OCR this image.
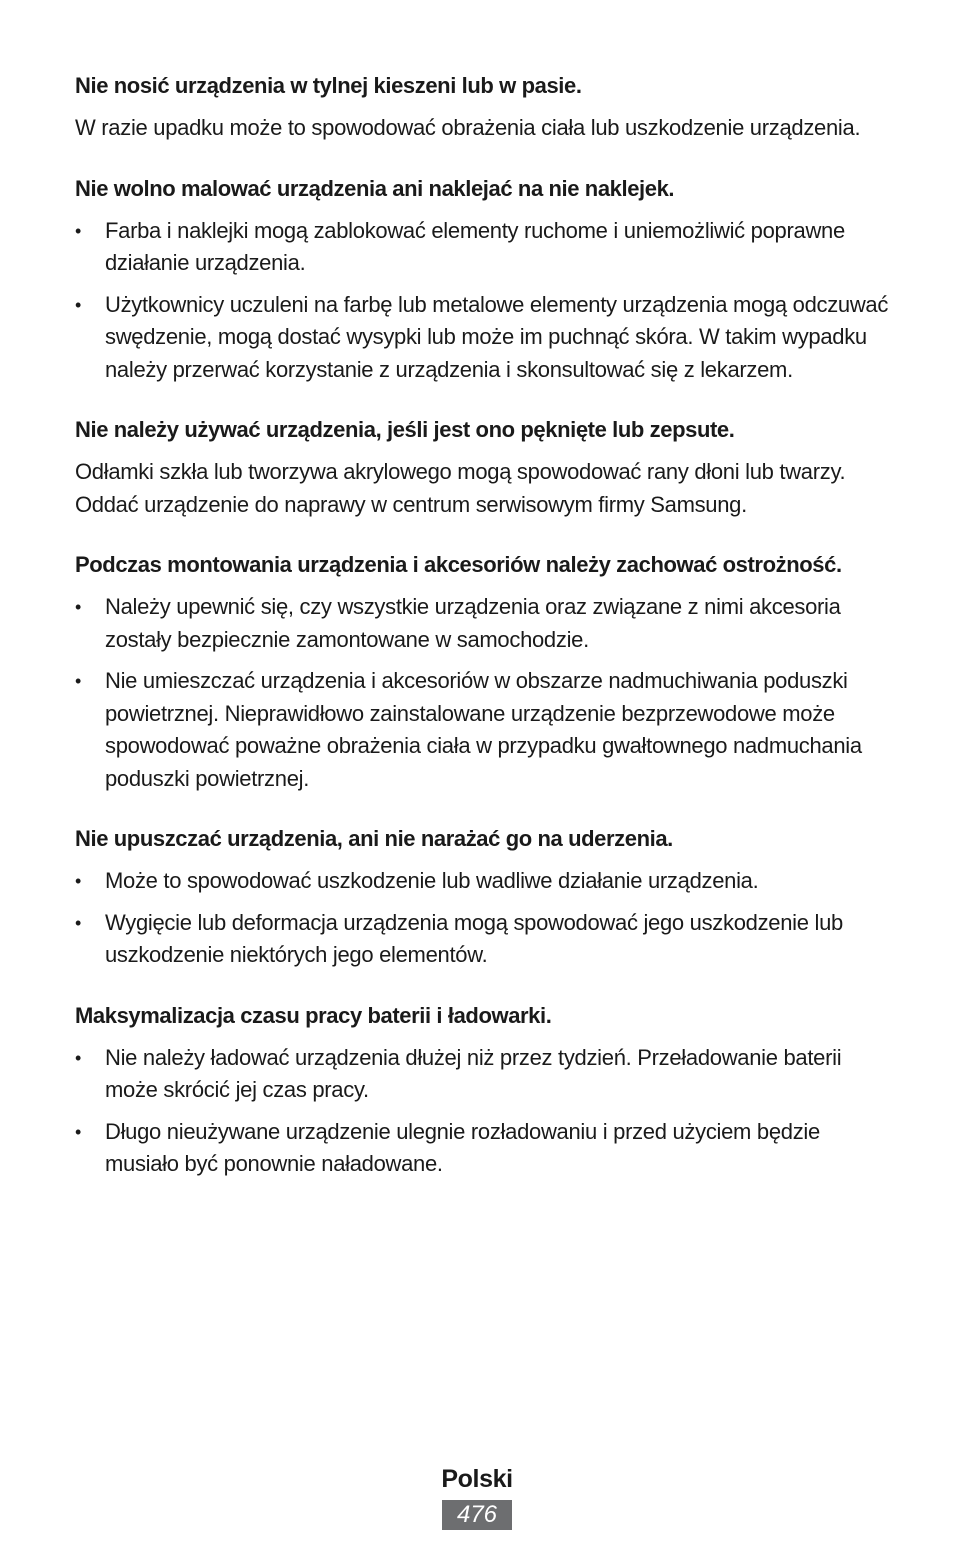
Nie nosić urządzenia w tylnej kieszeni lub w pasie.

W razie upadku może to spowodować obrażenia ciała lub uszkodzenie urządzenia.

Nie wolno malować urządzenia ani naklejać na nie naklejek.
• Farba i naklejki mogą zablokować elementy ruchome i uniemożliwić poprawne działanie urządzenia.
• Użytkownicy uczuleni na farbę lub metalowe elementy urządzenia mogą odczuwać swędzenie, mogą dostać wysypki lub może im puchnąć skóra. W takim wypadku należy przerwać korzystanie z urządzenia i skonsultować się z lekarzem.
Nie należy używać urządzenia, jeśli jest ono pęknięte lub zepsute.

Odłamki szkła lub tworzywa akrylowego mogą spowodować rany dłoni lub twarzy. Oddać urządzenie do naprawy w centrum serwisowym firmy Samsung.

Podczas montowania urządzenia i akcesoriów należy zachować ostrożność.
• Należy upewnić się, czy wszystkie urządzenia oraz związane z nimi akcesoria zostały bezpiecznie zamontowane w samochodzie.
• Nie umieszczać urządzenia i akcesoriów w obszarze nadmuchiwania poduszki powietrznej. Nieprawidłowo zainstalowane urządzenie bezprzewodowe może spowodować poważne obrażenia ciała w przypadku gwałtownego nadmuchania poduszki powietrznej.
Nie upuszczać urządzenia, ani nie narażać go na uderzenia.
• Może to spowodować uszkodzenie lub wadliwe działanie urządzenia.
• Wygięcie lub deformacja urządzenia mogą spowodować jego uszkodzenie lub uszkodzenie niektórych jego elementów.
Maksymalizacja czasu pracy baterii i ładowarki.
• Nie należy ładować urządzenia dłużej niż przez tydzień. Przeładowanie baterii może skrócić jej czas pracy.
• Długo nieużywane urządzenie ulegnie rozładowaniu i przed użyciem będzie musiało być ponownie naładowane.
Polski
476
